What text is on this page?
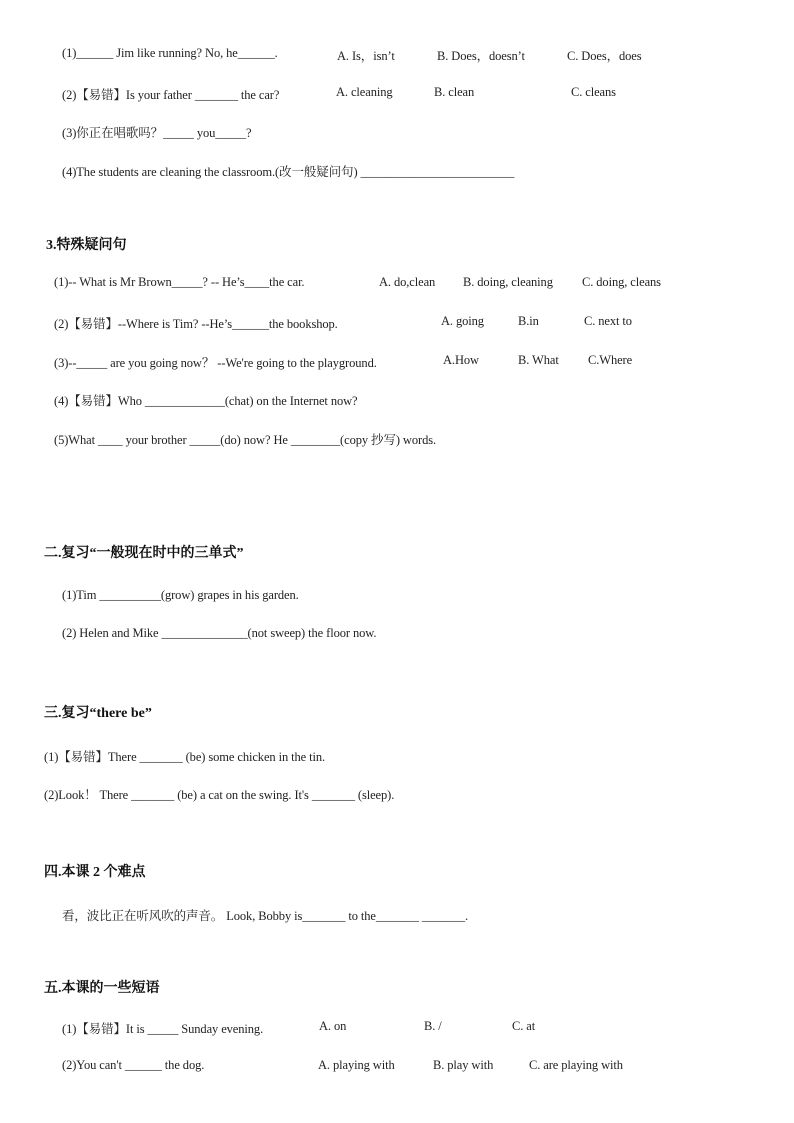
(1)______ Jim like running? No, he______.	A. Is，isn’t	B. Does，doesn’t	C. Does，does
(2)【易错】Is your father _______ the car?	A. cleaning	B. clean	C. cleans
(3)你正在唱歌吗？_____ you_____?
(4)The students are cleaning the classroom.(改一般疑问句) _________________________
3.特殊疑问句
(1)-- What is Mr Brown_____? -- He’s____the car.	A. do,clean B. doing, cleaning C. doing, cleans
(2)【易错】--Where is Tim? --He’s______the bookshop.	A. going	B.in	C. next to
(3)--_____ are you going now？ --We're going to the playground.	A.How	B. What C.Where
(4)【易错】Who _____________(chat) on the Internet now?
(5)What ____ your brother _____(do) now? He ________(copy 抄写) words.
二.复习“一般现在时中的三单式”
(1)Tim __________(grow) grapes in his garden.
(2) Helen and Mike ______________(not sweep) the floor now.
三.复习“there be”
(1)【易错】There _______ (be) some chicken in the tin.
(2)Look！ There _______ (be) a cat on the swing. It's _______ (sleep).
四.本课 2 个难点
看，波比正在听风吹的声音。 Look, Bobby is_______ to the_______ _______.
五.本课的一些短语
(1)【易错】It is _____ Sunday evening.	A. on	B. /	C. at
(2)You can't ______ the dog.	A. playing with	B. play with	C. are playing with
